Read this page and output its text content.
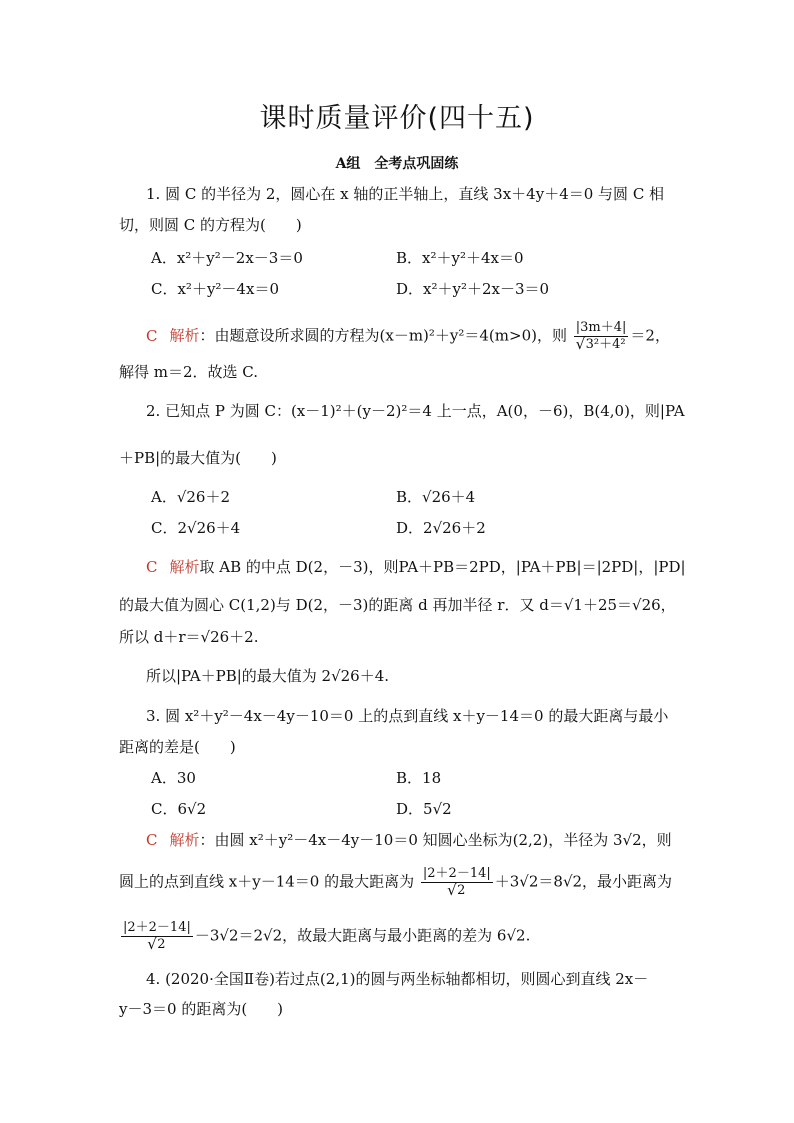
课时质量评价(四十五)
A组　全考点巩固练
1. 圆 C 的半径为 2，圆心在 x 轴的正半轴上，直线 3x＋4y＋4＝0 与圆 C 相
切，则圆 C 的方程为(　　)
A．x²＋y²－2x－3＝0	B．x²＋y²＋4x＝0
C．x²＋y²－4x＝0	D．x²＋y²＋2x－3＝0
C 解析：由题意设所求圆的方程为(x－m)²＋y²＝4(m>0)，则 $\frac{|3m+4|}{\text{√ 3²＋4²}} =2$，
解得 m＝2．故选 C.
2. 已知点 P 为圆 C：(x－1)²＋(y－2)²＝4 上一点，A(0，－6)，B(4,0)，则|PA
＋PB|的最大值为(　　)
A．√26＋2	B．√26＋4
C．2√26＋4	D．2√26＋2
C 解析取 AB 的中点 D(2，－3)，则PA＋PB＝2PD，|PA＋PB|＝|2PD|，|PD|
的最大值为圆心 C(1,2)与 D(2，－3)的距离 d 再加半径 r．又 d＝√1＋25＝√26，
所以 d＋r＝√26＋2.
所以|PA＋PB|的最大值为 2√26＋4.
3. 圆 x²＋y²－4x－4y－10＝0 上的点到直线 x＋y－14＝0 的最大距离与最小
距离的差是(　　)
A．30	B．18
C．6√2	D．5√2
C 解析：由圆 x²＋y²－4x－4y－10＝0 知圆心坐标为(2,2)，半径为 3√2，则
圆上的点到直线 x＋y－14＝0 的最大距离为 $\frac{|2+2-14|}{√ 2} +3√2=8√2$，最小距离为
$\frac{|2+2-14|}{√ 2} -3√2=2√2$，故最大距离与最小距离的差为 6√2.
4. (2020·全国Ⅱ卷)若过点(2,1)的圆与两坐标轴都相切，则圆心到直线 2x－
y－3＝0 的距离为(　　)
